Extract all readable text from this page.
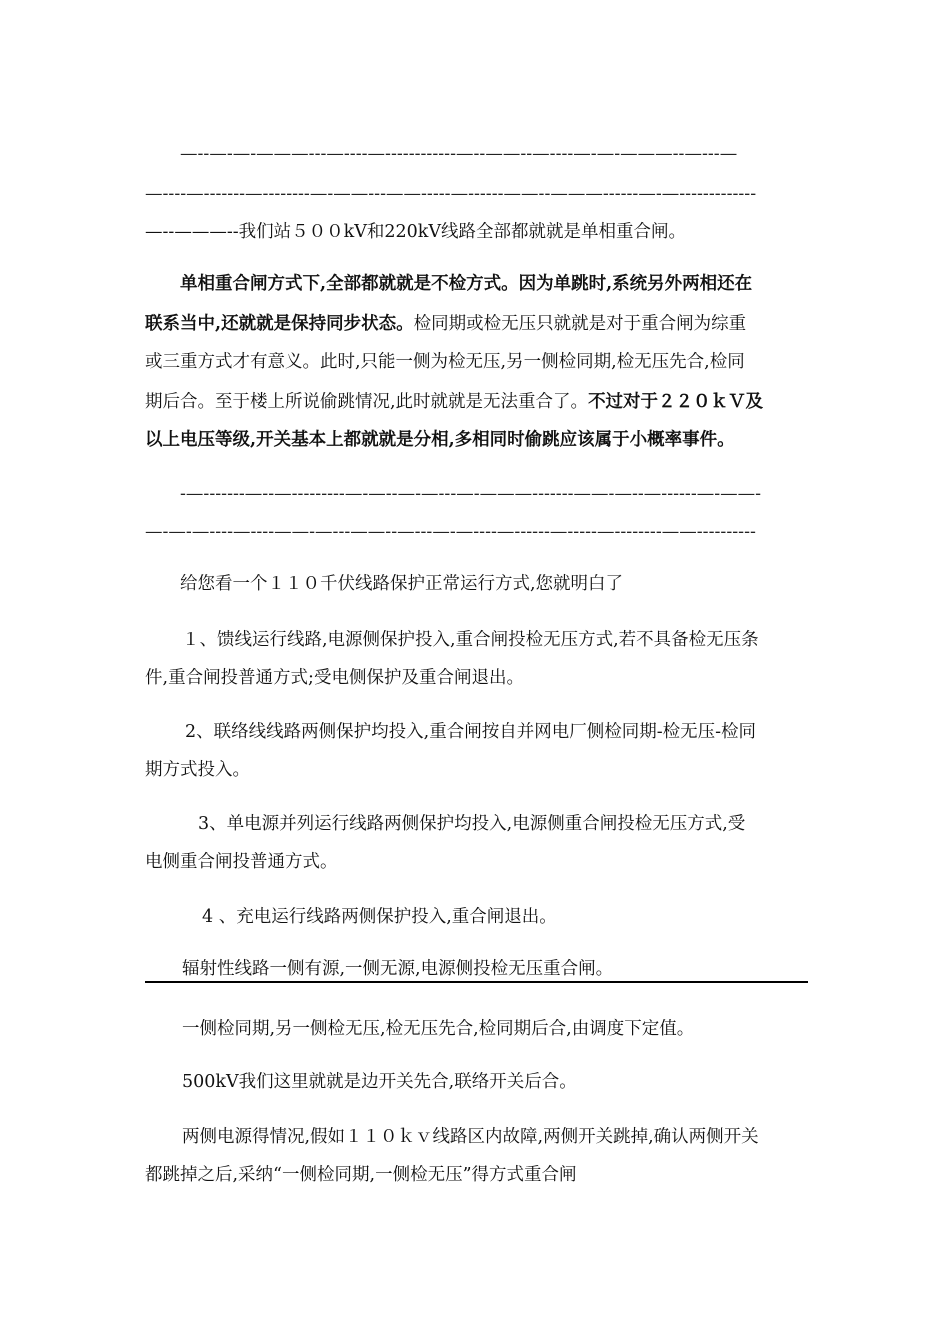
—--—-—-———---—----—------------—--——--—----—-—-———--—---—
—----—-------—--------—-——---——-----—------——--———------—-—-------------
—--———--我们站５００kV和220kV线路全部都就就是单相重合闸。
单相重合闸方式下,全部都就就是不检方式。因为单跳时,系统另外两相还在
联系当中,还就就是保持同步状态。检同期或检无压只就就是对于重合闸为综重
或三重方式才有意义。此时,只能一侧为检无压,另一侧检同期,检无压先合,检同
期后合。至于楼上所说偷跳情况,此时就就是无法重合了。不过对于２２０ｋＶ及
以上电压等级,开关基本上都就就是分相,多相同时偷跳应该属于小概率事件。
-—-------—--—---------—-—--—-—---—-———-------——-—--—------—-——-
—-—-—----—----——-—---——--—---—-—----—------—-----—--------——----------
给您看一个１１０千伏线路保护正常运行方式,您就明白了
１、馈线运行线路,电源侧保护投入,重合闸投检无压方式,若不具备检无压条
件,重合闸投普通方式;受电侧保护及重合闸退出。
2、联络线线路两侧保护均投入,重合闸按自并网电厂侧检同期-检无压-检同
期方式投入。
3、单电源并列运行线路两侧保护均投入,电源侧重合闸投检无压方式,受
电侧重合闸投普通方式。
4 、充电运行线路两侧保护投入,重合闸退出。
辐射性线路一侧有源,一侧无源,电源侧投检无压重合闸。
一侧检同期,另一侧检无压,检无压先合,检同期后合,由调度下定值。
500kV我们这里就就是边开关先合,联络开关后合。
两侧电源得情况,假如１１０ｋｖ线路区内故障,两侧开关跳掉,确认两侧开关
都跳掉之后,采纳“一侧检同期,一侧检无压”得方式重合闸
